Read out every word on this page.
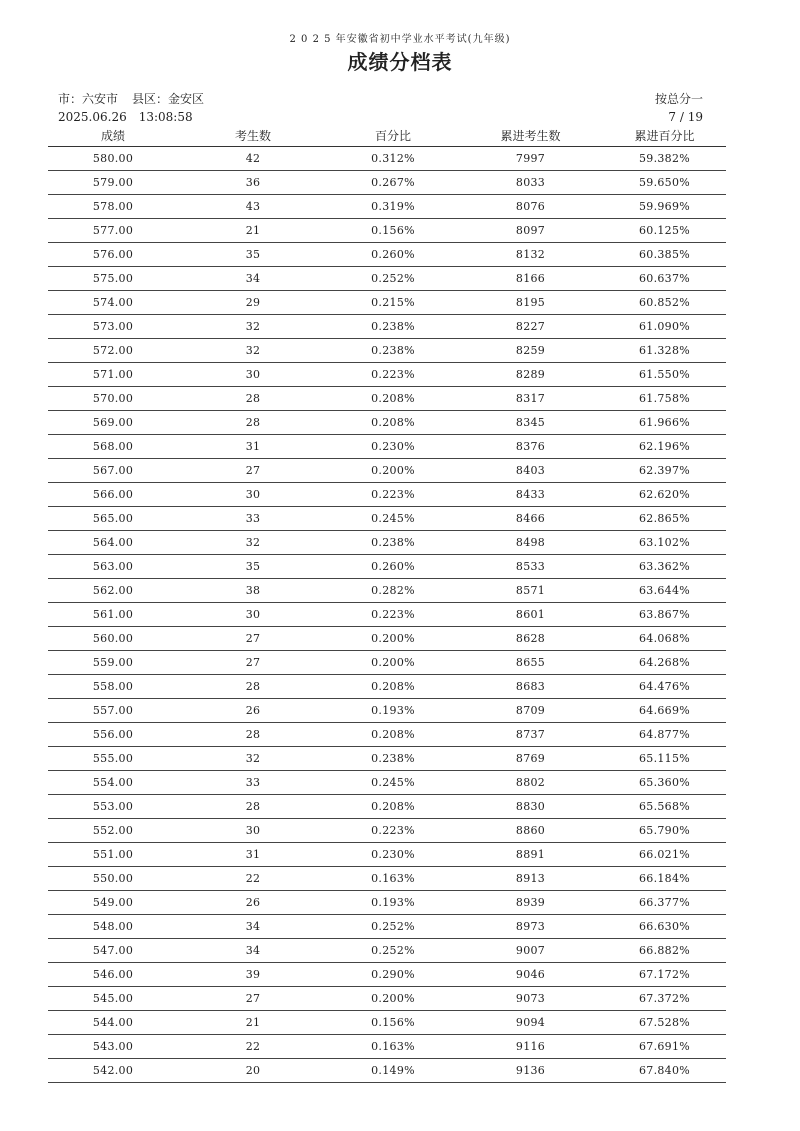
2 0 2 5 年安徽省初中学业水平考试(九年级)
成绩分档表
市：六安市 县区：金安区
2025.06.26　13:08:58
按总分一
7 / 19
成绩	考生数	百分比	累进考生数	累进百分比
580.00	42	0.312%	7997	59.382%
579.00	36	0.267%	8033	59.650%
578.00	43	0.319%	8076	59.969%
577.00	21	0.156%	8097	60.125%
576.00	35	0.260%	8132	60.385%
575.00	34	0.252%	8166	60.637%
574.00	29	0.215%	8195	60.852%
573.00	32	0.238%	8227	61.090%
572.00	32	0.238%	8259	61.328%
571.00	30	0.223%	8289	61.550%
570.00	28	0.208%	8317	61.758%
569.00	28	0.208%	8345	61.966%
568.00	31	0.230%	8376	62.196%
567.00	27	0.200%	8403	62.397%
566.00	30	0.223%	8433	62.620%
565.00	33	0.245%	8466	62.865%
564.00	32	0.238%	8498	63.102%
563.00	35	0.260%	8533	63.362%
562.00	38	0.282%	8571	63.644%
561.00	30	0.223%	8601	63.867%
560.00	27	0.200%	8628	64.068%
559.00	27	0.200%	8655	64.268%
558.00	28	0.208%	8683	64.476%
557.00	26	0.193%	8709	64.669%
556.00	28	0.208%	8737	64.877%
555.00	32	0.238%	8769	65.115%
554.00	33	0.245%	8802	65.360%
553.00	28	0.208%	8830	65.568%
552.00	30	0.223%	8860	65.790%
551.00	31	0.230%	8891	66.021%
550.00	22	0.163%	8913	66.184%
549.00	26	0.193%	8939	66.377%
548.00	34	0.252%	8973	66.630%
547.00	34	0.252%	9007	66.882%
546.00	39	0.290%	9046	67.172%
545.00	27	0.200%	9073	67.372%
544.00	21	0.156%	9094	67.528%
543.00	22	0.163%	9116	67.691%
542.00	20	0.149%	9136	67.840%
